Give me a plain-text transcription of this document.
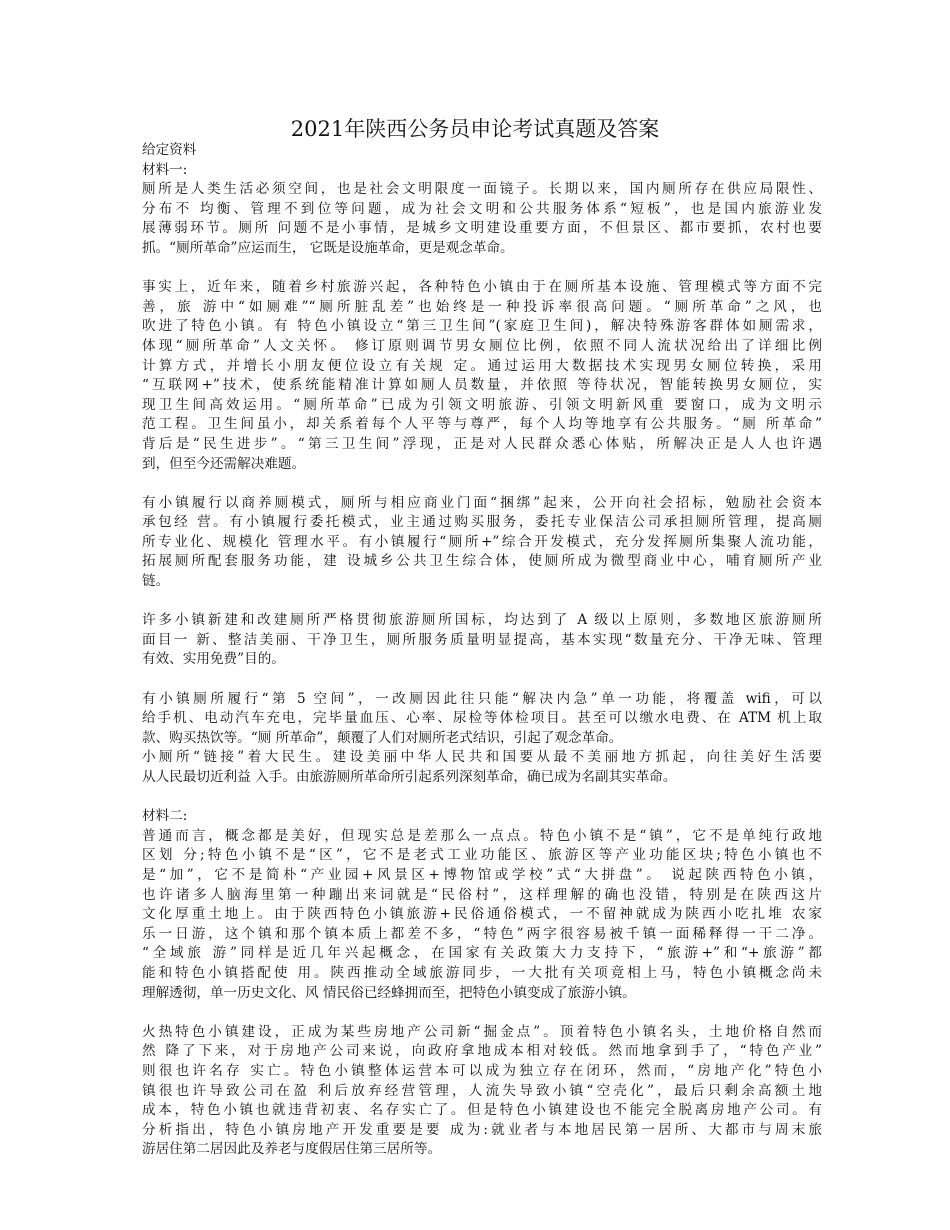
2021年陕西公务员申论考试真题及答案
给定资料
材料一:

厕所是人类生活必须空间，也是社会文明限度一面镜子。长期以来，国内厕所存在供应局限性、
分布不 均衡、管理不到位等问题，成为社会文明和公共服务体系“短板”，也是国内旅游业发
展薄弱环节。厕所 问题不是小事情，是城乡文明建设重要方面，不但景区、都市要抓，农村也要
抓。“厕所革命”应运而生， 它既是设施革命，更是观念革命。

事实上，近年来，随着乡村旅游兴起，各种特色小镇由于在厕所基本设施、管理模式等方面不完
善，旅 游中“如厕难”“厕所脏乱差”也始终是一种投诉率很高问题。“厕所革命”之风，也
吹进了特色小镇。有 特色小镇设立“第三卫生间”(家庭卫生间)，解决特殊游客群体如厕需求，
体现“厕所革命”人文关怀。 修订原则调节男女厕位比例，依照不同人流状况给出了详细比例
计算方式，并增长小朋友便位设立有关规 定。通过运用大数据技术实现男女厕位转换，采用
“互联网+”技术，使系统能精准计算如厕人员数量，并依照 等待状况，智能转换男女厕位，实
现卫生间高效运用。“厕所革命”已成为引领文明旅游、引领文明新风重 要窗口，成为文明示
范工程。卫生间虽小，却关系着每个人平等与尊严，每个人均等地享有公共服务。“厕 所革命”
背后是“民生进步”。“第三卫生间”浮现，正是对人民群众悉心体贴，所解决正是人人也许遇
到，但至今还需解决难题。

有小镇履行以商养厕模式，厕所与相应商业门面“捆绑”起来，公开向社会招标，勉励社会资本
承包经 营。有小镇履行委托模式，业主通过购买服务，委托专业保洁公司承担厕所管理，提高厕
所专业化、规模化 管理水平。有小镇履行“厕所+”综合开发模式，充分发挥厕所集聚人流功能，
拓展厕所配套服务功能，建 设城乡公共卫生综合体，使厕所成为微型商业中心，哺育厕所产业
链。

许多小镇新建和改建厕所严格贯彻旅游厕所国标，均达到了 A 级以上原则，多数地区旅游厕所
面目一 新、整洁美丽、干净卫生，厕所服务质量明显提高，基本实现“数量充分、干净无味、管理
有效、实用免费”目的。

有小镇厕所履行“第 5 空间”，一改厕因此往只能“解决内急”单一功能，将覆盖 wifi，可以
给手机、电动汽车充电，完毕量血压、心率、尿检等体检项目。甚至可以缴水电费、在 ATM 机上取
款、购买热饮等。“厕 所革命”，颠覆了人们对厕所老式结识，引起了观念革命。

小厕所“链接”着大民生。建设美丽中华人民共和国要从最不美丽地方抓起，向往美好生活要
从人民最切近利益 入手。由旅游厕所革命所引起系列深刻革命，确已成为名副其实革命。

材料二:

普通而言，概念都是美好，但现实总是差那么一点点。特色小镇不是“镇”，它不是单纯行政地
区划 分;特色小镇不是“区”，它不是老式工业功能区、旅游区等产业功能区块;特色小镇也不
是“加”，它不是简朴“产业园+风景区+博物馆或学校”式“大拼盘”。 说起陕西特色小镇，
也许诸多人脑海里第一种蹦出来词就是“民俗村”，这样理解的确也没错，特别是在陕西这片
文化厚重土地上。由于陕西特色小镇旅游+民俗通俗模式，一不留神就成为陕西小吃扎堆 农家
乐一日游，这个镇和那个镇本质上都差不多，“特色”两字很容易被千镇一面稀释得一干二净。
“全域旅 游”同样是近几年兴起概念，在国家有关政策大力支持下，“旅游+”和“+旅游”都
能和特色小镇搭配使 用。陕西推动全域旅游同步，一大批有关项竟相上马，特色小镇概念尚未
理解透彻，单一历史文化、风 情民俗已经蜂拥而至，把特色小镇变成了旅游小镇。

火热特色小镇建设，正成为某些房地产公司新“掘金点”。顶着特色小镇名头，土地价格自然而
然 降了下来，对于房地产公司来说，向政府拿地成本相对较低。然而地拿到手了，“特色产业”
则很也许名存 实亡。特色小镇整体运营本可以成为独立存在闭环，然而，“房地产化”特色小
镇很也许导致公司在盈 利后放弃经营管理，人流失导致小镇“空壳化”，最后只剩余高额土地
成本，特色小镇也就违背初衷、名存实亡了。但是特色小镇建设也不能完全脱离房地产公司。有
分析指出，特色小镇房地产开发重要是要 成为:就业者与本地居民第一居所、大都市与周末旅
游居住第二居因此及养老与度假居住第三居所等。
